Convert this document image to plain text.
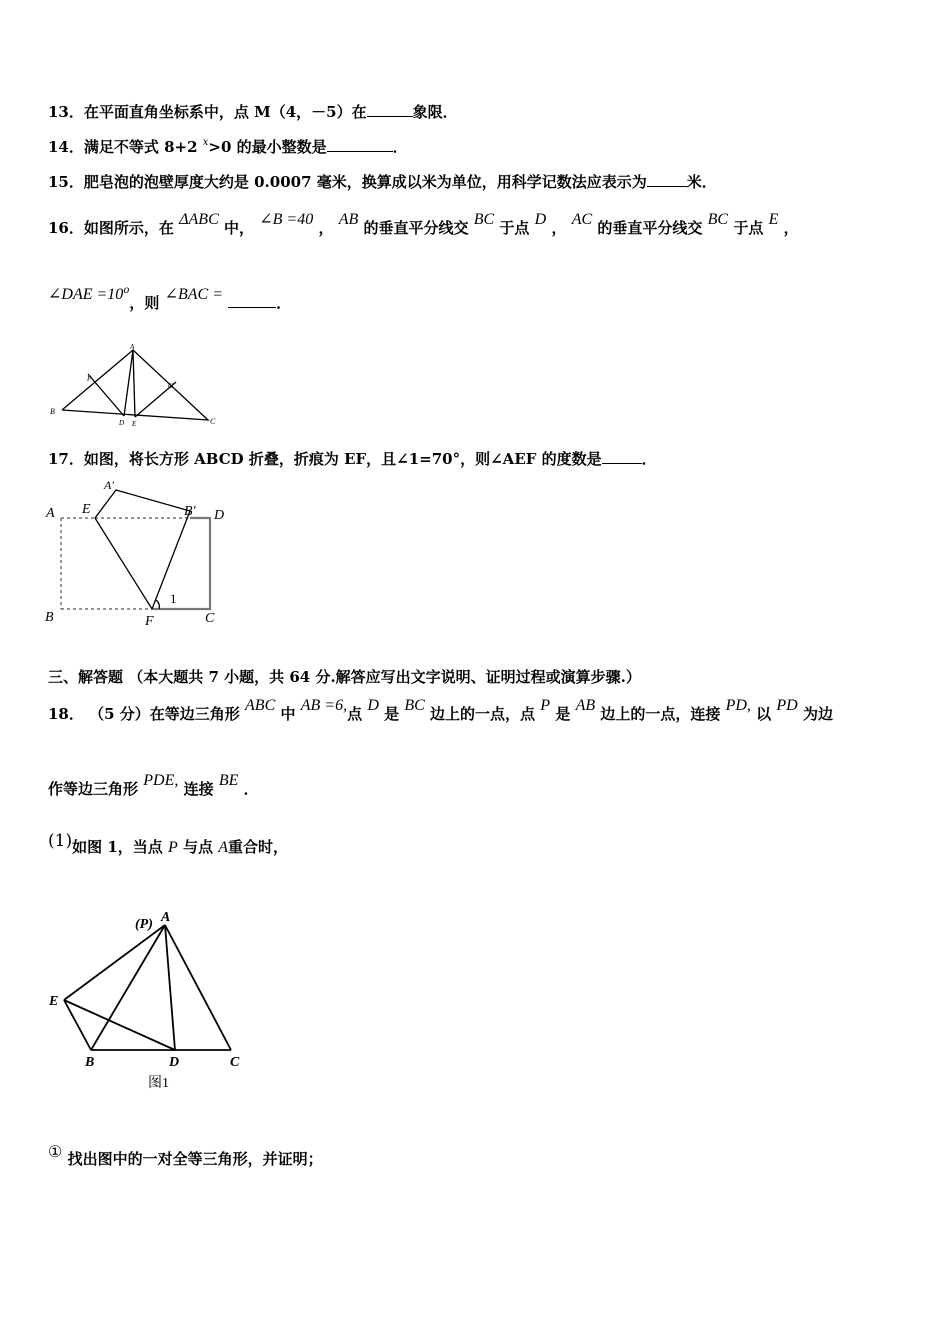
13．在平面直角坐标系中，点 M（4，－5）在	象限．
14．满足不等式 8+2 $^x$>0 的最小整数是	．
15．肥皂泡的泡壁厚度大约是 0.0007 毫米，换算成以米为单位，用科学记数法应表示为	米．
16．如图所示，在 ΔABC 中， ∠B =40 ， AB 的垂直平分线交 BC 于点 D ， AC 的垂直平分线交 BC 于点 E ，
∠DAE $=10^o$，则 ∠BAC =	．
A
B
C
D E
F
G
17．如图，将长方形 ABCD 折叠，折痕为 EF，且∠1=70°，则∠AEF 的度数是	．
A
A′
E	B′ D
B	F	C
1
三、解答题 （本大题共 7 小题，共 64 分.解答应写出文字说明、证明过程或演算步骤.）
18． （5 分）在等边三角形 ABC 中 AB =6,点 D 是 BC 边上的一点，点 P 是 AB 边上的一点，连接 PD, 以 PD 为边
作等边三角形 PDE, 连接 BE ．
(1)如图 1，当点 P 与点 A重合时，
(P) A
E
B	D	C
图1
① 找出图中的一对全等三角形，并证明；
